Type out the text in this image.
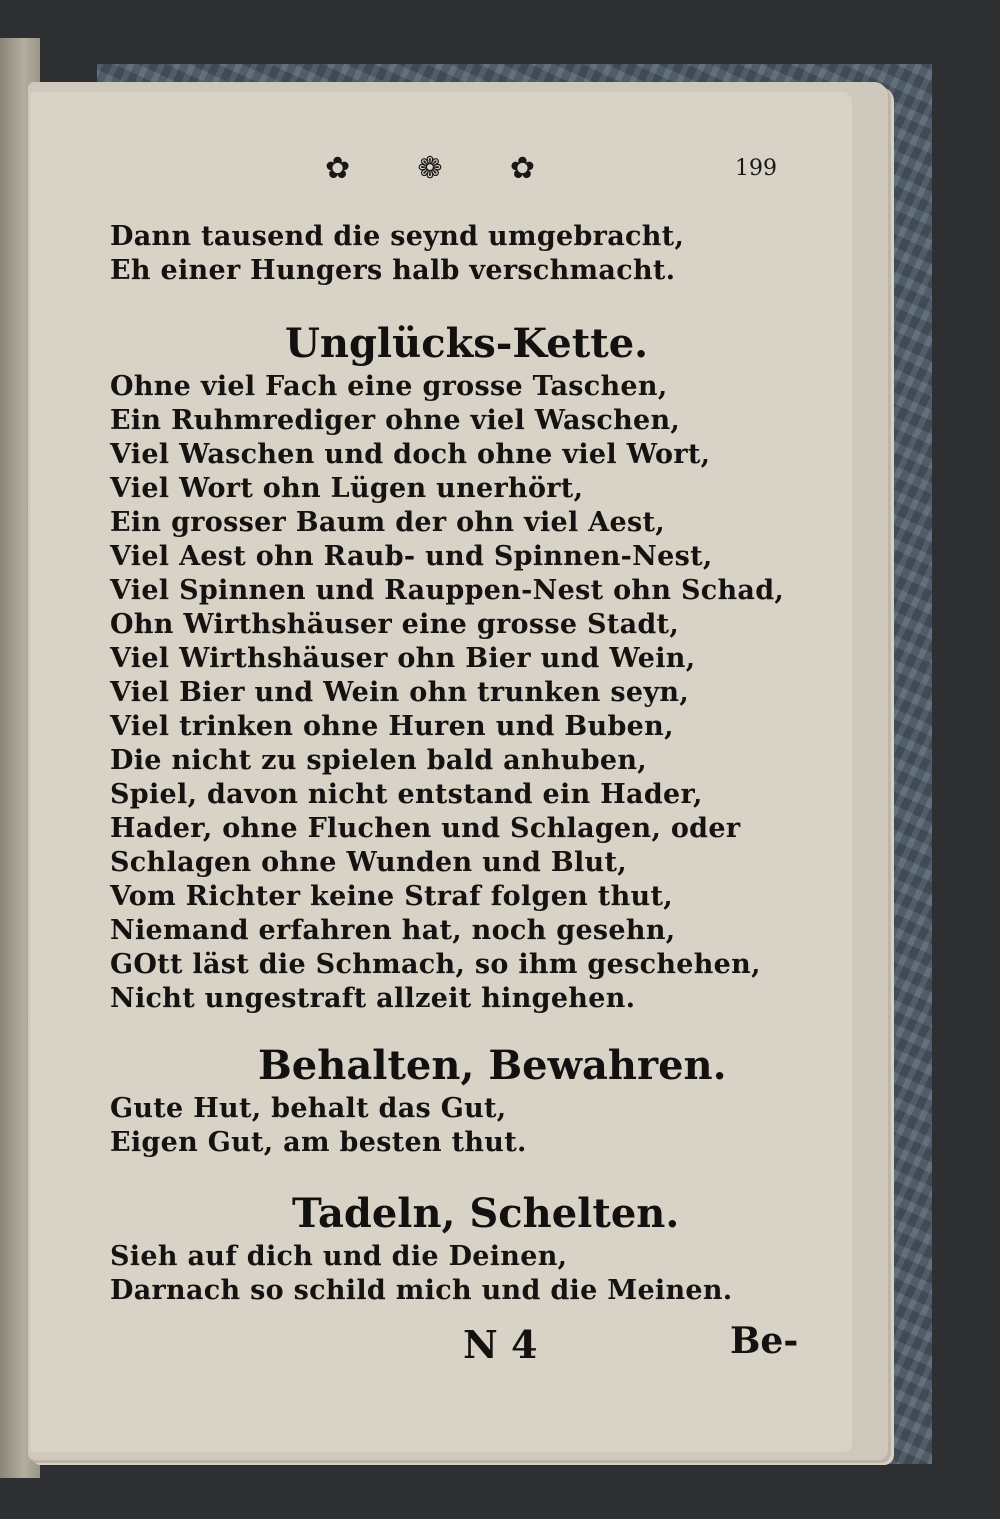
✿ ❁ ✿	199
Dann tausend die seynd umgebracht,
Eh einer Hungers halb verschmacht.
Unglücks-Kette.
Ohne viel Fach eine grosse Taschen,
Ein Ruhmrediger ohne viel Waschen,
Viel Waschen und doch ohne viel Wort,
Viel Wort ohn Lügen unerhört,
Ein grosser Baum der ohn viel Aest,
Viel Aest ohn Raub- und Spinnen-Nest,
Viel Spinnen und Rauppen-Nest ohn Schad,
Ohn Wirthshäuser eine grosse Stadt,
Viel Wirthshäuser ohn Bier und Wein,
Viel Bier und Wein ohn trunken seyn,
Viel trinken ohne Huren und Buben,
Die nicht zu spielen bald anhuben,
Spiel, davon nicht entstand ein Hader,
Hader, ohne Fluchen und Schlagen, oder
Schlagen ohne Wunden und Blut,
Vom Richter keine Straf folgen thut,
Niemand erfahren hat, noch gesehn,
GOtt läst die Schmach, so ihm geschehen,
Nicht ungestraft allzeit hingehen.
Behalten, Bewahren.
Gute Hut, behalt das Gut,
Eigen Gut, am besten thut.
Tadeln, Schelten.
Sieh auf dich und die Deinen,
Darnach so schild mich und die Meinen.
N 4	Be-
